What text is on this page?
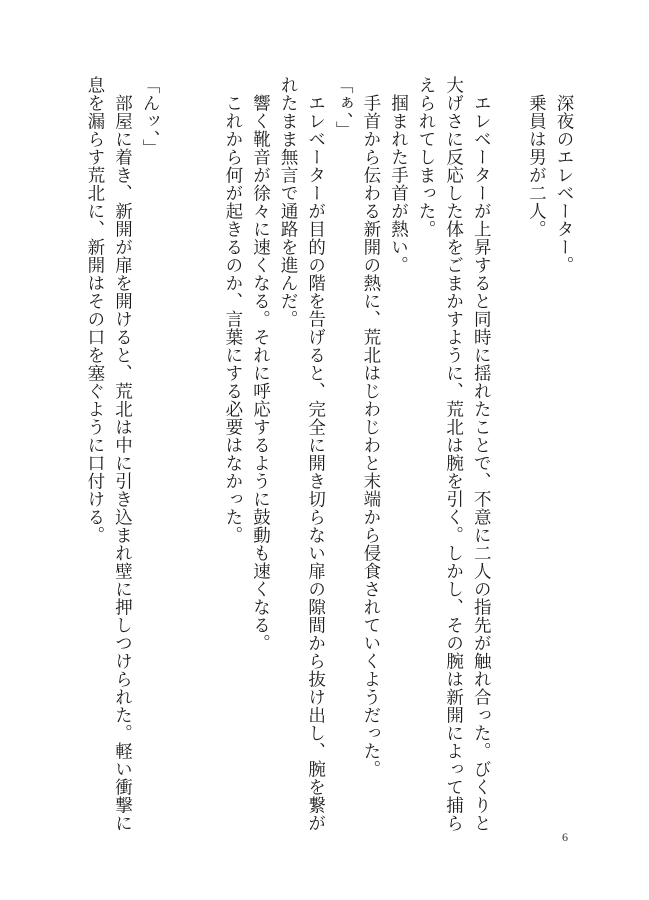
　深夜のエレベーター。

　乗員は男が二人。

　エレベーターが上昇すると同時に揺れたことで、不意に二人の指先が触れ合った。びくりと

大げさに反応した体をごまかすように、荒北は腕を引く。しかし、その腕は新開によって捕ら

えられてしまった。

　掴まれた手首が熱い。

　手首から伝わる新開の熱に、荒北はじわじわと末端から侵食されていくようだった。

「ぁ、」

　エレベーターが目的の階を告げると、完全に開き切らない扉の隙間から抜け出し、腕を繋が

れたまま無言で通路を進んだ。

　響く靴音が徐々に速くなる。それに呼応するように鼓動も速くなる。

　これから何が起きるのか、言葉にする必要はなかった。

「んッ、」

　部屋に着き、新開が扉を開けると、荒北は中に引き込まれ壁に押しつけられた。軽い衝撃に

息を漏らす荒北に、新開はその口を塞ぐように口付ける。

6
